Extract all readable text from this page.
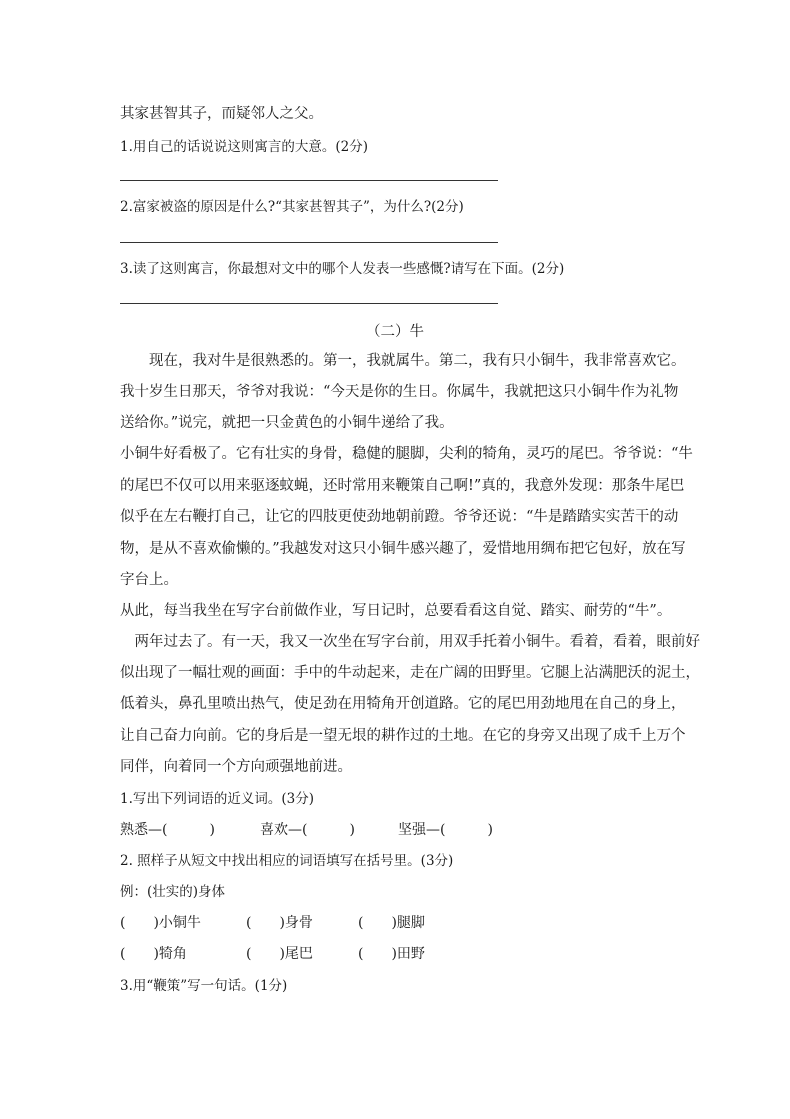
其家甚智其子，而疑邻人之父。
1.用自己的话说说这则寓言的大意。(2分)
2.富家被盗的原因是什么?“其家甚智其子”，为什么?(2分)
3.读了这则寓言，你最想对文中的哪个人发表一些感慨?请写在下面。(2分)
（二）牛
　　现在，我对牛是很熟悉的。第一，我就属牛。第二，我有只小铜牛，我非常喜欢它。
我十岁生日那天，爷爷对我说：“今天是你的生日。你属牛，我就把这只小铜牛作为礼物
送给你。”说完，就把一只金黄色的小铜牛递给了我。
小铜牛好看极了。它有壮实的身骨，稳健的腿脚，尖利的犄角，灵巧的尾巴。爷爷说：“牛
的尾巴不仅可以用来驱逐蚊蝇，还时常用来鞭策自己啊!”真的，我意外发现：那条牛尾巴
似乎在左右鞭打自己，让它的四肢更使劲地朝前蹬。爷爷还说：“牛是踏踏实实苦干的动
物，是从不喜欢偷懒的。”我越发对这只小铜牛感兴趣了，爱惜地用绸布把它包好，放在写
字台上。
从此，每当我坐在写字台前做作业，写日记时，总要看看这自觉、踏实、耐劳的“牛”。
　两年过去了。有一天，我又一次坐在写字台前，用双手托着小铜牛。看着，看着，眼前好
似出现了一幅壮观的画面：手中的牛动起来，走在广阔的田野里。它腿上沾满肥沃的泥土，
低着头，鼻孔里喷出热气，使足劲在用犄角开创道路。它的尾巴用劲地甩在自己的身上，
让自己奋力向前。它的身后是一望无垠的耕作过的土地。在它的身旁又出现了成千上万个
同伴，向着同一个方向顽强地前进。
1.写出下列词语的近义词。(3分)
熟悉—(　　　)	喜欢—(　　　)	坚强—(　　　)
2. 照样子从短文中找出相应的词语填写在括号里。(3分)
例：(壮实的)身体
(　　)小铜牛	(　　)身骨	(　　)腿脚
(　　)犄角	(　　)尾巴	(　　)田野
3.用“鞭策”写一句话。(1分)
